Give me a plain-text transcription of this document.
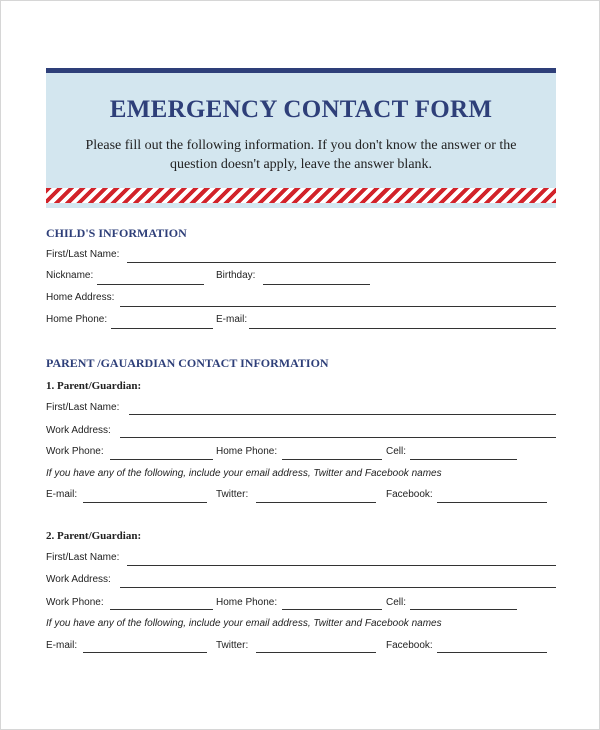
EMERGENCY CONTACT FORM
Please fill out the following information. If you don't know the answer or the
question doesn't apply, leave the answer blank.
CHILD'S INFORMATION
First/Last Name:
Nickname:	Birthday:
Home Address:
Home Phone:	E-mail:
PARENT /GAUARDIAN CONTACT INFORMATION
1. Parent/Guardian:
First/Last Name:
Work Address:
Work Phone:	Home Phone:	Cell:
If you have any of the following, include your email address, Twitter and Facebook names
E-mail:	Twitter:	Facebook:
2. Parent/Guardian:
First/Last Name:
Work Address:
Work Phone:	Home Phone:	Cell:
If you have any of the following, include your email address, Twitter and Facebook names
E-mail:	Twitter:	Facebook:
